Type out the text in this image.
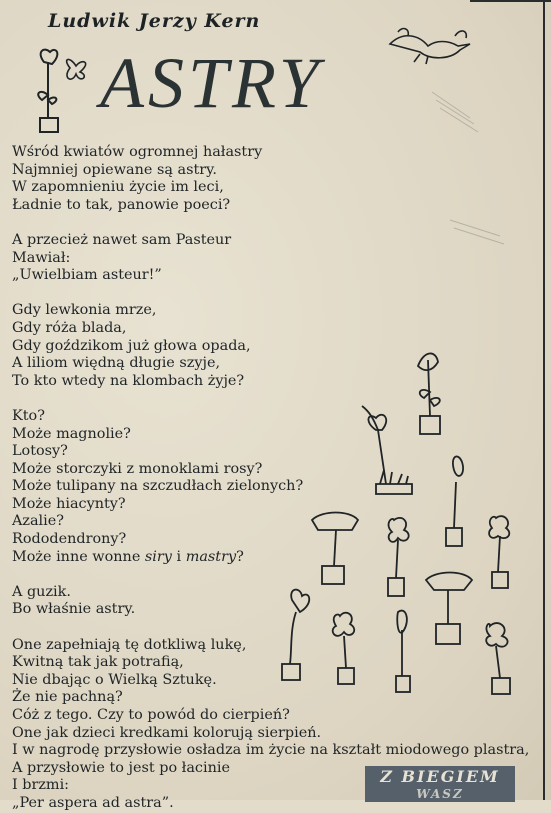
Ludwik Jerzy Kern
ASTRY
Wśród kwiatów ogromnej hałastry
Najmniej opiewane są astry.
W zapomnieniu życie im leci,
Ładnie to tak, panowie poeci?
A przecież nawet sam Pasteur
Mawiał:
„Uwielbiam asteur!”
Gdy lewkonia mrze,
Gdy róża blada,
Gdy goździkom już głowa opada,
A liliom więdną długie szyje,
To kto wtedy na klombach żyje?
Kto?
Może magnolie?
Lotosy?
Może storczyki z monoklami rosy?
Może tulipany na szczudłach zielonych?
Może hiacynty?
Azalie?
Rododendrony?
Może inne wonne siry i mastry?
A guzik.
Bo właśnie astry.
One zapełniają tę dotkliwą lukę,
Kwitną tak jak potrafią,
Nie dbając o Wielką Sztukę.
Że nie pachną?
Cóż z tego. Czy to powód do cierpień?
One jak dzieci kredkami kolorują sierpień.
I w nagrodę przysłowie osładza im życie na kształt miodowego plastra,
A przysłowie to jest po łacinie
I brzmi:
„Per aspera ad astra”.
Z BIEGIEM
WASZ
